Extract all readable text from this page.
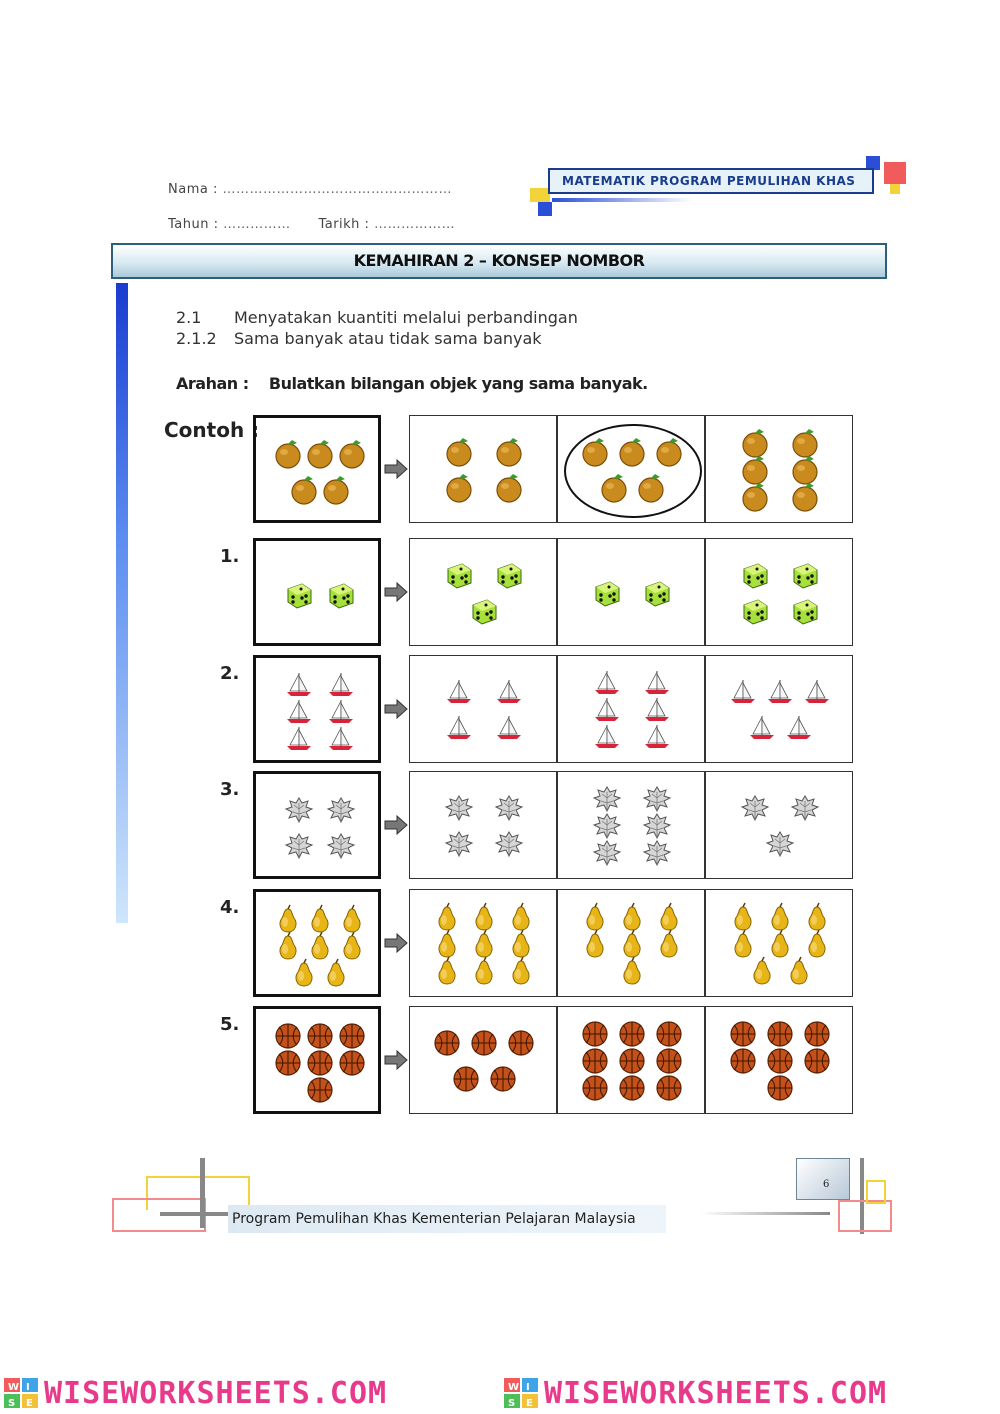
Nama : ……………………………………………
Tahun : …………… Tarikh : ………………
MATEMATIK PROGRAM PEMULIHAN KHAS
KEMAHIRAN 2 – KONSEP NOMBOR
2.1 Menyatakan kuantiti melalui perbandingan
2.1.2 Sama banyak atau tidak sama banyak
Arahan : Bulatkan bilangan objek yang sama banyak.
Contoh :
1.
2.
3.
4.
5.
Program Pemulihan Khas Kementerian Pelajaran Malaysia
6
W I
S E WISEWORKSHEETS.COM	W I
S E WISEWORKSHEETS.COM
